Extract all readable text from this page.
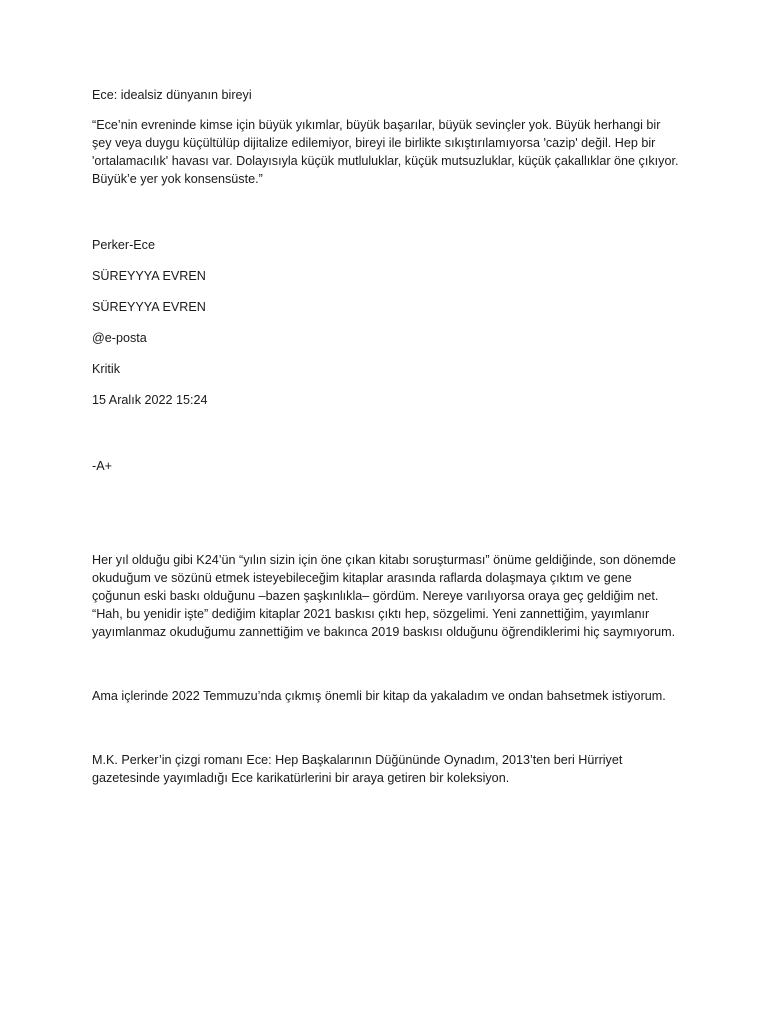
Ece: idealsiz dünyanın bireyi

“Ece’nin evreninde kimse için büyük yıkımlar, büyük başarılar, büyük sevinçler yok. Büyük herhangi bir şey veya duygu küçültülüp dijitalize edilemiyor, bireyi ile birlikte sıkıştırılamıyorsa 'cazip' değil. Hep bir 'ortalamacılık' havası var. Dolayısıyla küçük mutluluklar, küçük mutsuzluklar, küçük çakallıklar öne çıkıyor. Büyük’e yer yok konsensüste.”

Perker-Ece

SÜREYYYA EVREN

SÜREYYYA EVREN

@e-posta

Kritik

15 Aralık 2022 15:24

-A+

Her yıl olduğu gibi K24’ün “yılın sizin için öne çıkan kitabı soruşturması” önüme geldiğinde, son dönemde okuduğum ve sözünü etmek isteyebileceğim kitaplar arasında raflarda dolaşmaya çıktım ve gene çoğunun eski baskı olduğunu –bazen şaşkınlıkla– gördüm. Nereye varılıyorsa oraya geç geldiğim net. “Hah, bu yenidir işte” dediğim kitaplar 2021 baskısı çıktı hep, sözgelimi. Yeni zannettiğim, yayımlanır yayımlanmaz okuduğumu zannettiğim ve bakınca 2019 baskısı olduğunu öğrendiklerimi hiç saymıyorum.

Ama içlerinde 2022 Temmuzu’nda çıkmış önemli bir kitap da yakaladım ve ondan bahsetmek istiyorum.

M.K. Perker’in çizgi romanı Ece: Hep Başkalarının Düğününde Oynadım, 2013’ten beri Hürriyet gazetesinde yayımladığı Ece karikatürlerini bir araya getiren bir koleksiyon.
